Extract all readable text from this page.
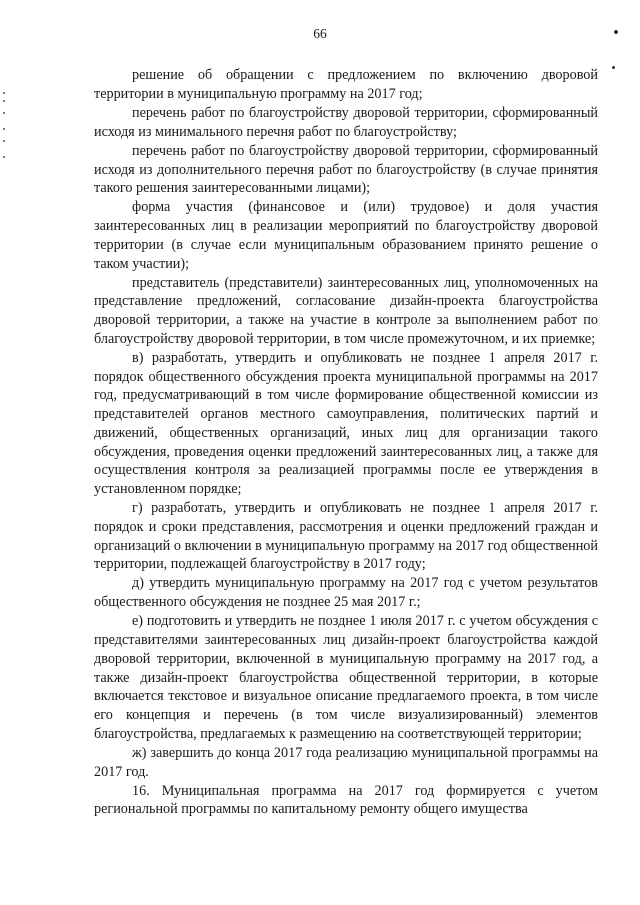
66

решение об обращении с предложением по включению дворовой территории в муниципальную программу на 2017 год;

перечень работ по благоустройству дворовой территории, сформированный исходя из минимального перечня работ по благоустройству;

перечень работ по благоустройству дворовой территории, сформированный исходя из дополнительного перечня работ по благоустройству (в случае принятия такого решения заинтересованными лицами);

форма участия (финансовое и (или) трудовое) и доля участия заинтересованных лиц в реализации мероприятий по благоустройству дворовой территории (в случае если муниципальным образованием принято решение о таком участии);

представитель (представители) заинтересованных лиц, уполномоченных на представление предложений, согласование дизайн-проекта благоустройства дворовой территории, а также на участие в контроле за выполнением работ по благоустройству дворовой территории, в том числе промежуточном, и их приемке;

в) разработать, утвердить и опубликовать не позднее 1 апреля 2017 г. порядок общественного обсуждения проекта муниципальной программы на 2017 год, предусматривающий в том числе формирование общественной комиссии из представителей органов местного самоуправления, политических партий и движений, общественных организаций, иных лиц для организации такого обсуждения, проведения оценки предложений заинтересованных лиц, а также для осуществления контроля за реализацией программы после ее утверждения в установленном порядке;

г) разработать, утвердить и опубликовать не позднее 1 апреля 2017 г. порядок и сроки представления, рассмотрения и оценки предложений граждан и организаций о включении в муниципальную программу на 2017 год общественной территории, подлежащей благоустройству в 2017 году;

д) утвердить муниципальную программу на 2017 год с учетом результатов общественного обсуждения не позднее 25 мая 2017 г.;

е) подготовить и утвердить не позднее 1 июля 2017 г. с учетом обсуждения с представителями заинтересованных лиц дизайн-проект благоустройства каждой дворовой территории, включенной в муниципальную программу на 2017 год, а также дизайн-проект благоустройства общественной территории, в которые включается текстовое и визуальное описание предлагаемого проекта, в том числе его концепция и перечень (в том числе визуализированный) элементов благоустройства, предлагаемых к размещению на соответствующей территории;

ж) завершить до конца 2017 года реализацию муниципальной программы на 2017 год.

16. Муниципальная программа на 2017 год формируется с учетом региональной программы по капитальному ремонту общего имущества
